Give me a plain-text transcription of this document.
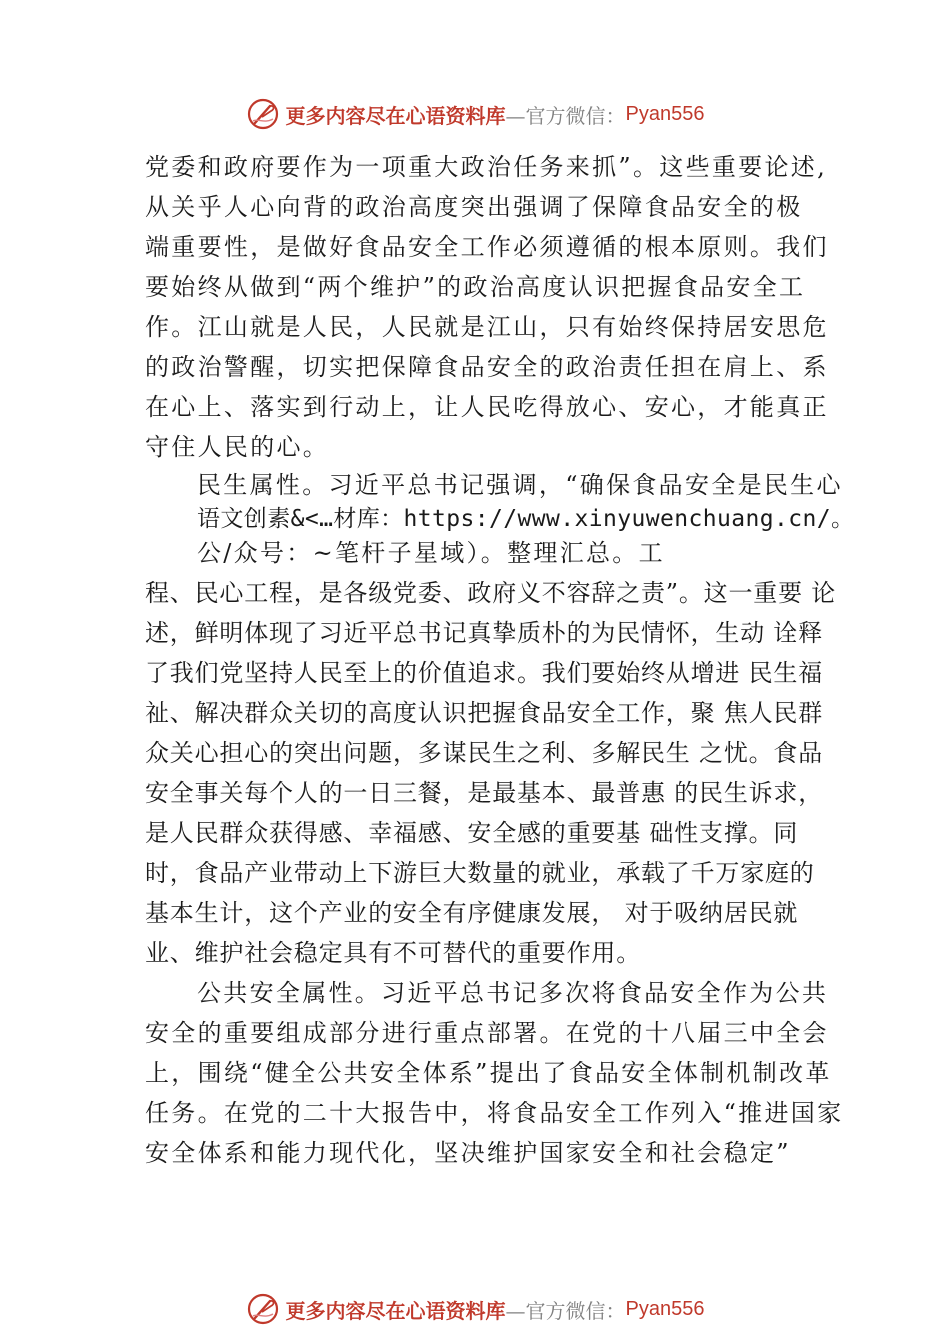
更多内容尽在心语资料库 —官方微信： Pyan556
党委和政府要作为一项重大政治任务来抓”。这些重要论述,
从关乎人心向背的政治高度突出强调了保障食品安全的极
端重要性，是做好食品安全工作必须遵循的根本原则。我们
要始终从做到“两个维护”的政治高度认识把握食品安全工
作。江山就是人民，人民就是江山，只有始终保持居安思危
的政治警醒，切实把保障食品安全的政治责任担在肩上、系
在心上、落实到行动上，让人民吃得放心、安心，才能真正
守住人民的心。
民生属性。习近平总书记强调，“确保食品安全是民生心
语文创素&<…材库：https://www.xinyuwenchuang.cn/。
公/众号：~笔杆子星域）。整理汇总。工
程、民心工程，是各级党委、政府义不容辞之责”。这一重要 论
述，鲜明体现了习近平总书记真挚质朴的为民情怀，生动 诠释
了我们党坚持人民至上的价值追求。我们要始终从增进 民生福
祉、解决群众关切的高度认识把握食品安全工作，聚 焦人民群
众关心担心的突出问题，多谋民生之利、多解民生 之忧。食品
安全事关每个人的一日三餐，是最基本、最普惠 的民生诉求，
是人民群众获得感、幸福感、安全感的重要基 础性支撑。同
时，食品产业带动上下游巨大数量的就业，承载了千万家庭的
基本生计，这个产业的安全有序健康发展， 对于吸纳居民就
业、维护社会稳定具有不可替代的重要作用。
公共安全属性。习近平总书记多次将食品安全作为公共
安全的重要组成部分进行重点部署。在党的十八届三中全会
上，围绕“健全公共安全体系”提出了食品安全体制机制改革
任务。在党的二十大报告中，将食品安全工作列入“推进国家
安全体系和能力现代化，坚决维护国家安全和社会稳定”
更多内容尽在心语资料库 —官方微信： Pyan556
